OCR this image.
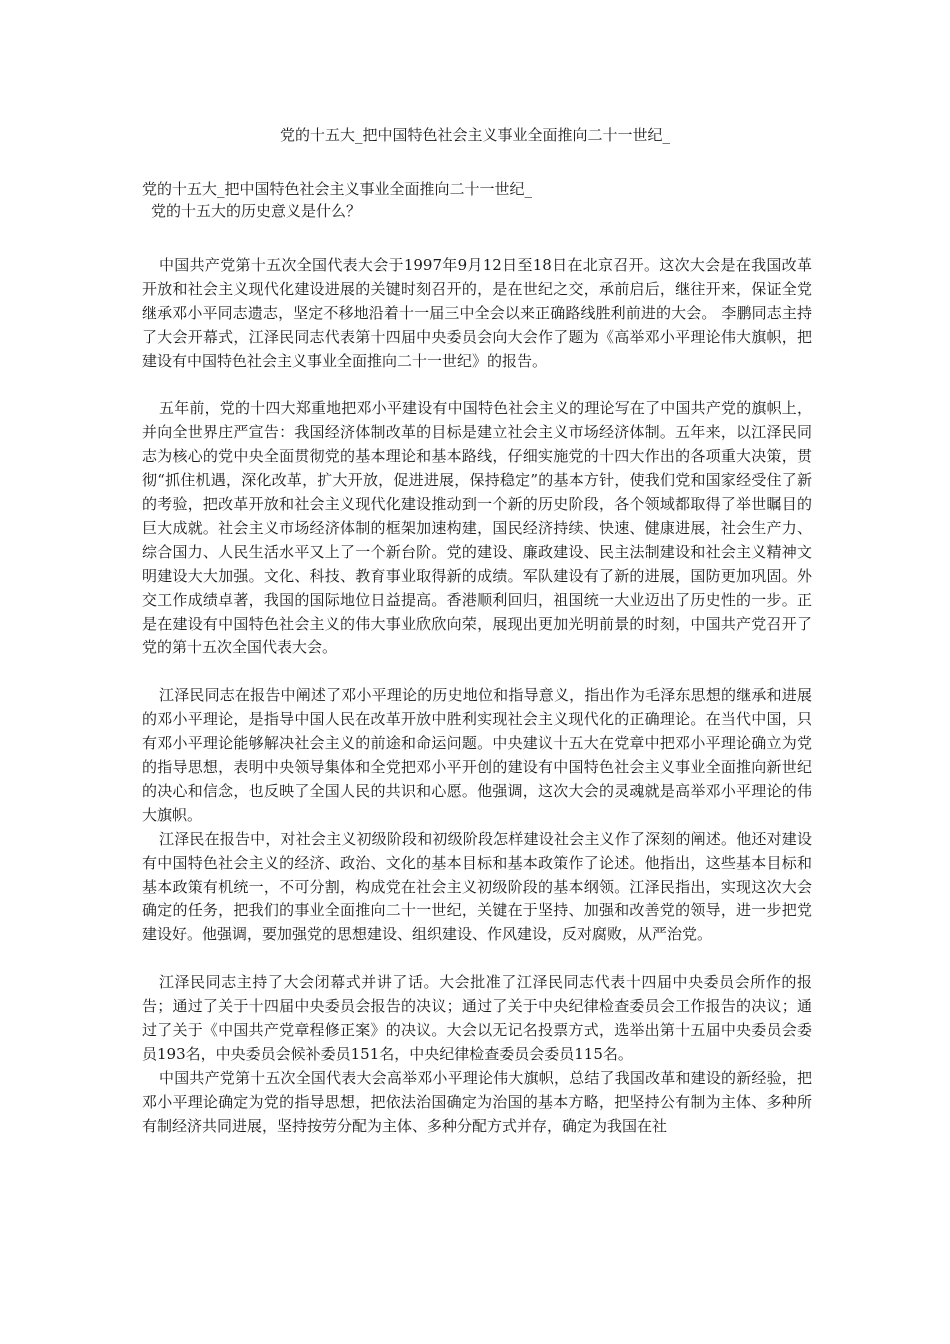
党的十五大_把中国特色社会主义事业全面推向二十一世纪_
党的十五大_把中国特色社会主义事业全面推向二十一世纪_
党的十五大的历史意义是什么？

中国共产党第十五次全国代表大会于1997年9月12日至18日在北京召开。这次大会是在我国改革开放和社会主义现代化建设进展的关键时刻召开的，是在世纪之交，承前启后，继往开来，保证全党继承邓小平同志遗志，坚定不移地沿着十一届三中全会以来正确路线胜利前进的大会。 李鹏同志主持了大会开幕式，江泽民同志代表第十四届中央委员会向大会作了题为《高举邓小平理论伟大旗帜，把建设有中国特色社会主义事业全面推向二十一世纪》的报告。

五年前，党的十四大郑重地把邓小平建设有中国特色社会主义的理论写在了中国共产党的旗帜上，并向全世界庄严宣告：我国经济体制改革的目标是建立社会主义市场经济体制。五年来，以江泽民同志为核心的党中央全面贯彻党的基本理论和基本路线，仔细实施党的十四大作出的各项重大决策，贯彻“抓住机遇，深化改革，扩大开放，促进进展，保持稳定”的基本方针，使我们党和国家经受住了新的考验，把改革开放和社会主义现代化建设推动到一个新的历史阶段，各个领域都取得了举世瞩目的巨大成就。社会主义市场经济体制的框架加速构建，国民经济持续、快速、健康进展，社会生产力、综合国力、人民生活水平又上了一个新台阶。党的建设、廉政建设、民主法制建设和社会主义精神文明建设大大加强。文化、科技、教育事业取得新的成绩。军队建设有了新的进展，国防更加巩固。外交工作成绩卓著，我国的国际地位日益提高。香港顺利回归，祖国统一大业迈出了历史性的一步。正是在建设有中国特色社会主义的伟大事业欣欣向荣，展现出更加光明前景的时刻，中国共产党召开了党的第十五次全国代表大会。

江泽民同志在报告中阐述了邓小平理论的历史地位和指导意义，指出作为毛泽东思想的继承和进展的邓小平理论，是指导中国人民在改革开放中胜利实现社会主义现代化的正确理论。在当代中国，只有邓小平理论能够解决社会主义的前途和命运问题。中央建议十五大在党章中把邓小平理论确立为党的指导思想，表明中央领导集体和全党把邓小平开创的建设有中国特色社会主义事业全面推向新世纪的决心和信念，也反映了全国人民的共识和心愿。他强调，这次大会的灵魂就是高举邓小平理论的伟大旗帜。

江泽民在报告中，对社会主义初级阶段和初级阶段怎样建设社会主义作了深刻的阐述。他还对建设有中国特色社会主义的经济、政治、文化的基本目标和基本政策作了论述。他指出，这些基本目标和基本政策有机统一，不可分割，构成党在社会主义初级阶段的基本纲领。江泽民指出，实现这次大会确定的任务，把我们的事业全面推向二十一世纪，关键在于坚持、加强和改善党的领导，进一步把党建设好。他强调，要加强党的思想建设、组织建设、作风建设，反对腐败，从严治党。

江泽民同志主持了大会闭幕式并讲了话。大会批准了江泽民同志代表十四届中央委员会所作的报告；通过了关于十四届中央委员会报告的决议；通过了关于中央纪律检查委员会工作报告的决议；通过了关于《中国共产党章程修正案》的决议。大会以无记名投票方式，选举出第十五届中央委员会委员193名，中央委员会候补委员151名，中央纪律检查委员会委员115名。

中国共产党第十五次全国代表大会高举邓小平理论伟大旗帜，总结了我国改革和建设的新经验，把邓小平理论确定为党的指导思想，把依法治国确定为治国的基本方略，把坚持公有制为主体、多种所有制经济共同进展，坚持按劳分配为主体、多种分配方式并存，确定为我国在社
